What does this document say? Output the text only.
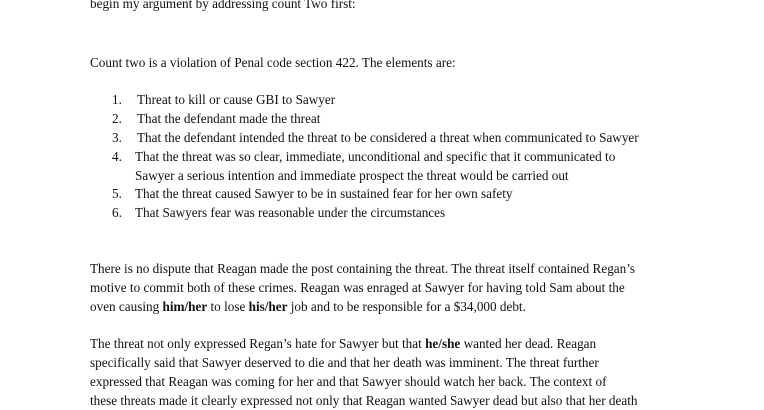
begin my argument by addressing count Two first:
Count two is a violation of Penal code section 422. The elements are:
1. Threat to kill or cause GBI to Sawyer
2. That the defendant made the threat
3. That the defendant intended the threat to be considered a threat when communicated to Sawyer
4. That the threat was so clear, immediate, unconditional and specific that it communicated to
Sawyer a serious intention and immediate prospect the threat would be carried out
5. That the threat caused Sawyer to be in sustained fear for her own safety
6. That Sawyers fear was reasonable under the circumstances
There is no dispute that Reagan made the post containing the threat. The threat itself contained Regan’s
motive to commit both of these crimes. Reagan was enraged at Sawyer for having told Sam about the
oven causing him/her to lose his/her job and to be responsible for a $34,000 debt.
The threat not only expressed Regan’s hate for Sawyer but that he/she wanted her dead. Reagan
specifically said that Sawyer deserved to die and that her death was imminent. The threat further
expressed that Reagan was coming for her and that Sawyer should watch her back. The context of
these threats made it clearly expressed not only that Reagan wanted Sawyer dead but also that her death
